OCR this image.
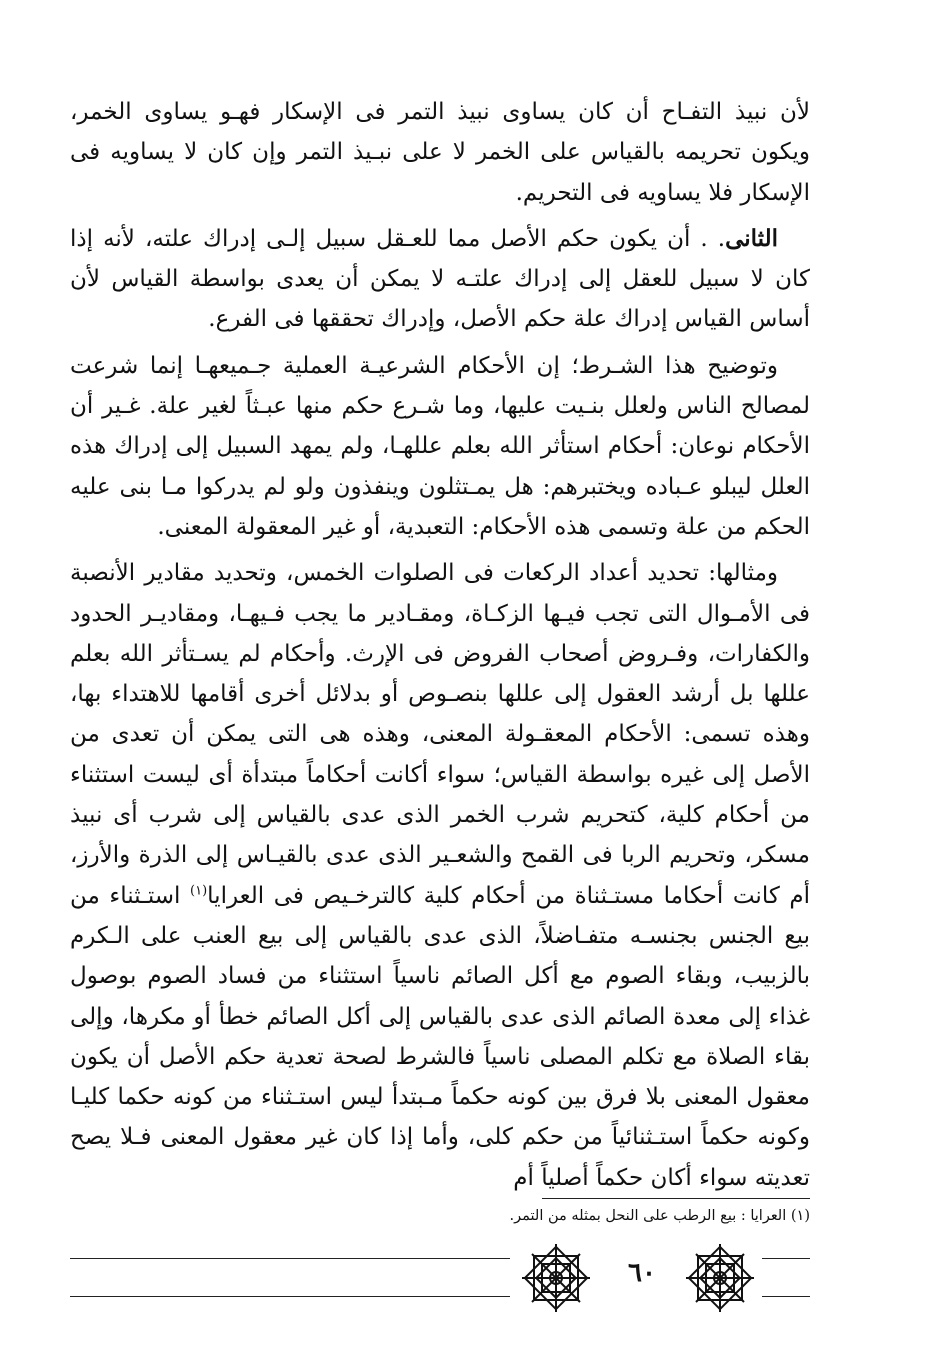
لأن نبيذ التفـاح أن كان يساوى نبيذ التمر فى الإسكار فهـو يساوى الخمر، ويكون تحريمه بالقياس على الخمر لا على نبـيذ التمر وإن كان لا يساويه فى الإسكار فلا يساويه فى التحريم.

الثانى. . أن يكون حكم الأصل مما للعـقل سبيل إلـى إدراك علته، لأنه إذا كان لا سبيل للعقل إلى إدراك علتـه لا يمكن أن يعدى بواسطة القياس لأن أساس القياس إدراك علة حكم الأصل، وإدراك تحققها فى الفرع.

وتوضيح هذا الشـرط؛ إن الأحكام الشرعيـة العملية جـميعهـا إنما شرعت لمصالح الناس ولعلل بنـيت عليها، وما شـرع حكم منها عبـثاً لغير علة. غـير أن الأحكام نوعان: أحكام استأثر الله بعلم عللهـا، ولم يمهد السبيل إلى إدراك هذه العلل ليبلو عـباده ويختبرهم: هل يمـتثلون وينفذون ولو لم يدركوا مـا بنى عليه الحكم من علة وتسمى هذه الأحكام: التعبدية، أو غير المعقولة المعنى.

ومثالها: تحديد أعداد الركعات فى الصلوات الخمس، وتحديد مقادير الأنصبة فى الأمـوال التى تجب فيـها الزكـاة، ومقـادير ما يجب فـيهـا، ومقاديـر الحدود والكفارات، وفـروض أصحاب الفروض فى الإرث. وأحكام لم يسـتأثر الله بعلم عللها بل أرشد العقول إلى عللها بنصـوص أو بدلائل أخرى أقامها للاهتداء بها، وهذه تسمى: الأحكام المعقـولة المعنى، وهذه هى التى يمكن أن تعدى من الأصل إلى غيره بواسطة القياس؛ سواء أكانت أحكاماً مبتدأة أى ليست استثناء من أحكام كلية، كتحريم شرب الخمر الذى عدى بالقياس إلى شرب أى نبيذ مسكر، وتحريم الربا فى القمح والشعـير الذى عدى بالقيـاس إلى الذرة والأرز، أم كانت أحكاما مستـثناة من أحكام كلية كالترخـيص فى العرايا$^{(١)}$ استـثناء من بيع الجنس بجنسـه متفـاضلاً، الذى عدى بالقياس إلى بيع العنب على الـكرم بالزبيب، وبقاء الصوم مع أكل الصائم ناسياً استثناء من فساد الصوم بوصول غذاء إلى معدة الصائم الذى عدى بالقياس إلى أكل الصائم خطأ أو مكرها، وإلى بقاء الصلاة مع تكلم المصلى ناسياً فالشرط لصحة تعدية حكم الأصل أن يكون معقول المعنى بلا فرق بين كونه حكماً مـبتدأ ليس استـثناء من كونه حكما كليـا وكونه حكماً استـثنائياً من حكم كلى، وأما إذا كان غير معقول المعنى فـلا يصح تعديته سواء أكان حكماً أصلياً أم

(١) العرايا : بيع الرطب على النحل بمثله من التمر.
٦٠
